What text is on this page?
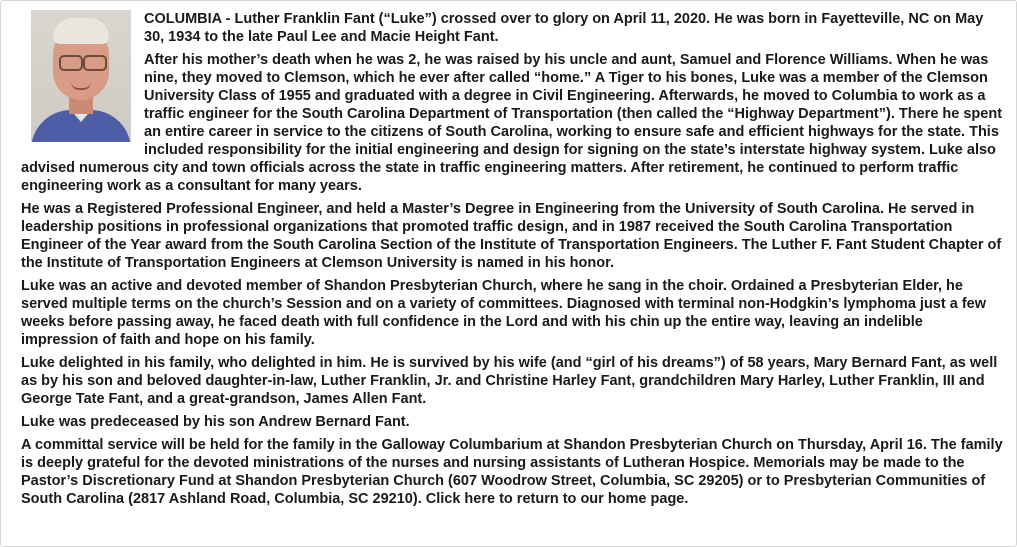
COLUMBIA - Luther Franklin Fant (“Luke”) crossed over to glory on April 11, 2020. He was born in Fayetteville, NC on May 30, 1934 to the late Paul Lee and Macie Height Fant.

After his mother’s death when he was 2, he was raised by his uncle and aunt, Samuel and Florence Williams. When he was nine, they moved to Clemson, which he ever after called “home.” A Tiger to his bones, Luke was a member of the Clemson University Class of 1955 and graduated with a degree in Civil Engineering. Afterwards, he moved to Columbia to work as a traffic engineer for the South Carolina Department of Transportation (then called the “Highway Department”). There he spent an entire career in service to the citizens of South Carolina, working to ensure safe and efficient highways for the state. This included responsibility for the initial engineering and design for signing on the state’s interstate highway system. Luke also advised numerous city and town officials across the state in traffic engineering matters. After retirement, he continued to perform traffic engineering work as a consultant for many years.

He was a Registered Professional Engineer, and held a Master’s Degree in Engineering from the University of South Carolina. He served in leadership positions in professional organizations that promoted traffic design, and in 1987 received the South Carolina Transportation Engineer of the Year award from the South Carolina Section of the Institute of Transportation Engineers. The Luther F. Fant Student Chapter of the Institute of Transportation Engineers at Clemson University is named in his honor.

Luke was an active and devoted member of Shandon Presbyterian Church, where he sang in the choir. Ordained a Presbyterian Elder, he served multiple terms on the church’s Session and on a variety of committees. Diagnosed with terminal non-Hodgkin’s lymphoma just a few weeks before passing away, he faced death with full confidence in the Lord and with his chin up the entire way, leaving an indelible impression of faith and hope on his family.

Luke delighted in his family, who delighted in him. He is survived by his wife (and “girl of his dreams”) of 58 years, Mary Bernard Fant, as well as by his son and beloved daughter-in-law, Luther Franklin, Jr. and Christine Harley Fant, grandchildren Mary Harley, Luther Franklin, III and George Tate Fant, and a great-grandson, James Allen Fant.

Luke was predeceased by his son Andrew Bernard Fant.

A committal service will be held for the family in the Galloway Columbarium at Shandon Presbyterian Church on Thursday, April 16. The family is deeply grateful for the devoted ministrations of the nurses and nursing assistants of Lutheran Hospice. Memorials may be made to the Pastor’s Discretionary Fund at Shandon Presbyterian Church (607 Woodrow Street, Columbia, SC 29205) or to Presbyterian Communities of South Carolina (2817 Ashland Road, Columbia, SC 29210). Click here to return to our home page.
